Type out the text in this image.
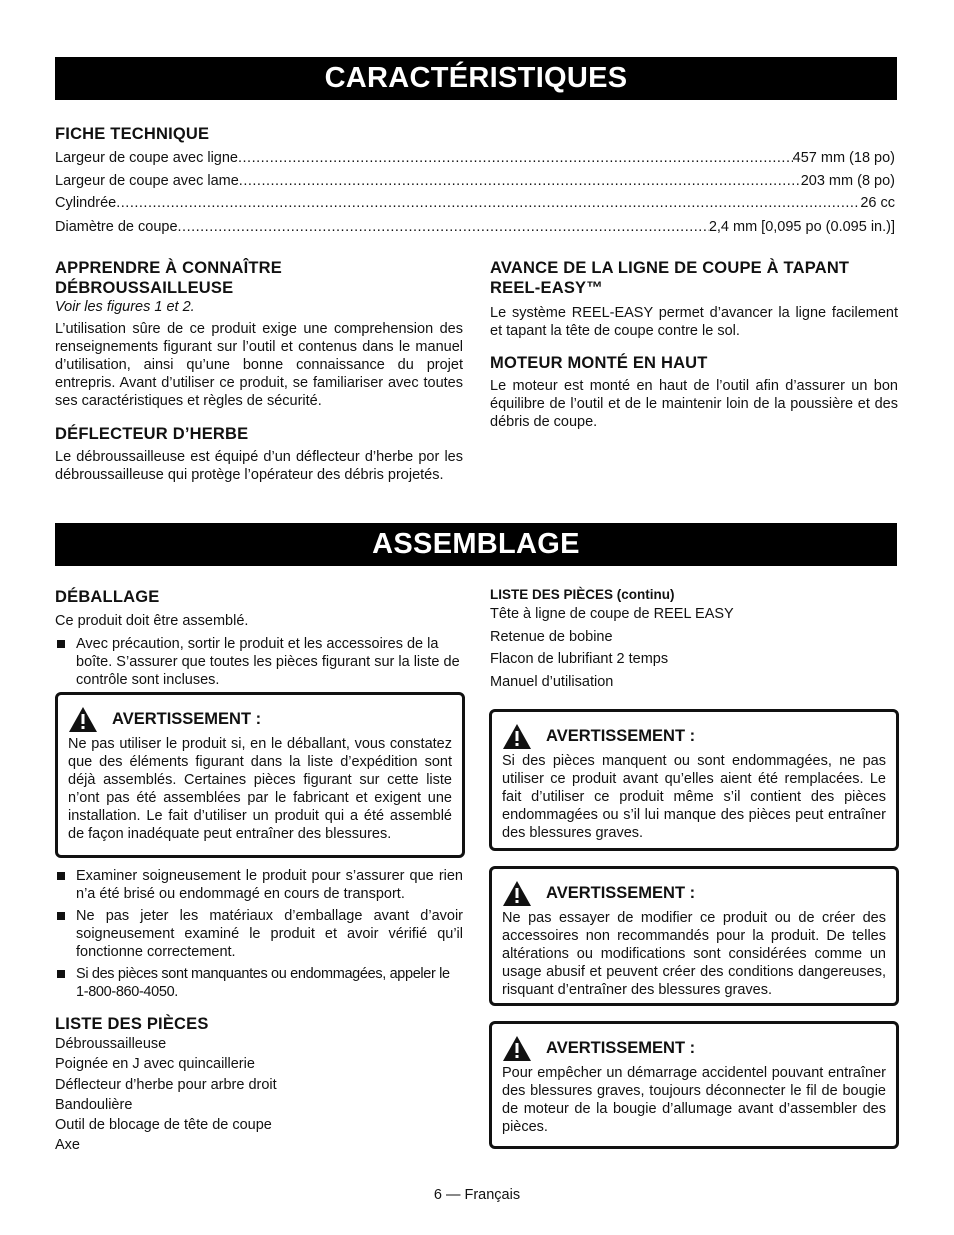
CARACTÉRISTIQUES
FICHE TECHNIQUE
Largeur de coupe avec ligne .....	457 mm (18 po)
Largeur de coupe avec lame .....	203 mm (8 po)
Cylindrée .....	26 cc
Diamètre de coupe .....	2,4 mm [0,095 po (0.095 in.)]
APPRENDRE À CONNAÎTRE
DÉBROUSSAILLEUSE

Voir les figures 1 et 2.

L’utilisation sûre de ce produit exige une comprehension des renseignements figurant sur l’outil et contenus dans le manuel d’utilisation, ainsi qu’une bonne connaissance du projet entrepris. Avant d’utiliser ce produit, se familiariser avec toutes ses caractéristiques et règles de sécurité.

DÉFLECTEUR D’HERBE

Le débroussailleuse est équipé d’un déflecteur d’herbe por les débroussailleuse qui protège l’opérateur des débris projetés.

AVANCE DE LA LIGNE DE COUPE À TAPANT
REEL-EASY™

Le système REEL-EASY permet d’avancer la ligne facilement et tapant la tête de coupe contre le sol.

MOTEUR MONTÉ EN HAUT

Le moteur est monté en haut de l’outil afin d’assurer un bon équilibre de l’outil et de le maintenir loin de la poussière et des débris de coupe.

ASSEMBLAGE
DÉBALLAGE

Ce produit doit être assemblé.

Avec précaution, sortir le produit et les accessoires de la boîte. S’assurer que toutes les pièces figurant sur la liste de contrôle sont incluses.
AVERTISSEMENT :
Ne pas utiliser le produit si, en le déballant, vous constatez que des éléments figurant dans la liste d’expédition sont déjà assemblés. Certaines pièces figurant sur cette liste n’ont pas été assemblées par le fabricant et exigent une installation. Le fait d’utiliser un produit qui a été assemblé de façon inadéquate peut entraîner des blessures.
Examiner soigneusement le produit pour s’assurer que rien n’a été brisé ou endommagé en cours de transport.
Ne pas jeter les matériaux d’emballage avant d’avoir soigneusement examiné le produit et avoir vérifié qu’il fonctionne correctement.
Si des pièces sont manquantes ou endommagées, appeler le 1-800-860-4050.
LISTE DES PIÈCES
Débroussailleuse
Poignée en J avec quincaillerie
Déflecteur d’herbe pour arbre droit
Bandoulière
Outil de blocage de tête de coupe
Axe
LISTE DES PIÈCES (continu)
Tête à ligne de coupe de REEL EASY
Retenue de bobine
Flacon de lubrifiant 2 temps
Manuel d’utilisation
AVERTISSEMENT :
Si des pièces manquent ou sont endommagées, ne pas utiliser ce produit avant qu’elles aient été remplacées. Le fait d’utiliser ce produit même s’il contient des pièces endommagées ou s’il lui manque des pièces peut entraîner des blessures graves.
AVERTISSEMENT :
Ne pas essayer de modifier ce produit ou de créer des accessoires non recommandés pour la produit. De telles altérations ou modifications sont considérées comme un usage abusif et peuvent créer des conditions dangereuses, risquant d’entraîner des blessures graves.
AVERTISSEMENT :
Pour empêcher un démarrage accidentel pouvant entraîner des blessures graves, toujours déconnecter le fil de bougie de moteur de la bougie d’allumage avant d’assembler des pièces.
6 — Français
